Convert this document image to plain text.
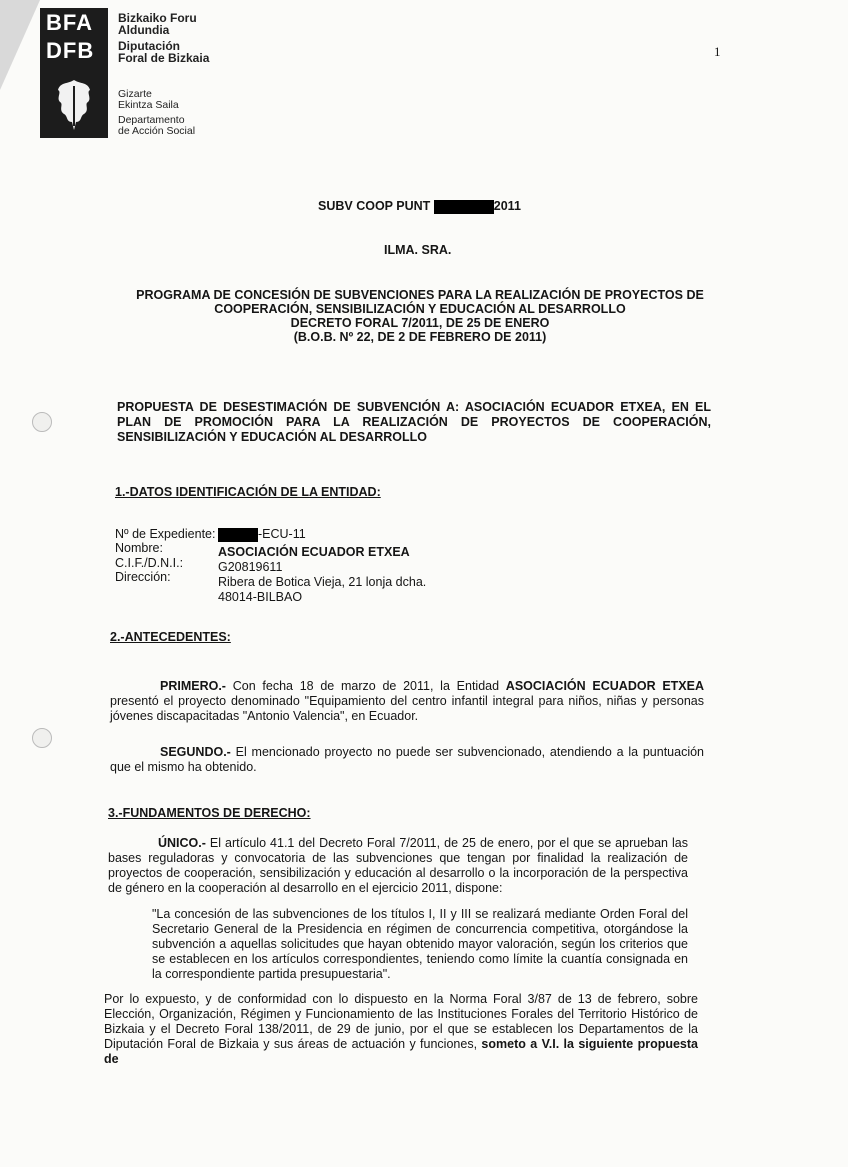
BFA
DFB
Bizkaiko Foru
Aldundia
Diputación
Foral de Bizkaia
Gizarte
Ekintza Saila
Departamento
de Acción Social
1
SUBV COOP PUNT	2011
ILMA. SRA.
PROGRAMA DE CONCESIÓN DE SUBVENCIONES PARA LA REALIZACIÓN DE PROYECTOS DE
COOPERACIÓN, SENSIBILIZACIÓN Y EDUCACIÓN AL DESARROLLO
DECRETO FORAL 7/2011, DE 25 DE ENERO
(B.O.B. Nº 22, DE 2 DE FEBRERO DE 2011)
PROPUESTA DE DESESTIMACIÓN DE SUBVENCIÓN A: ASOCIACIÓN ECUADOR ETXEA, EN EL PLAN DE PROMOCIÓN PARA LA REALIZACIÓN DE PROYECTOS DE COOPERACIÓN, SENSIBILIZACIÓN Y EDUCACIÓN AL DESARROLLO
1.-DATOS IDENTIFICACIÓN DE LA ENTIDAD:
Nº de Expediente:	-ECU-11
Nombre:	ASOCIACIÓN ECUADOR ETXEA
C.I.F./D.N.I.:	G20819611
Dirección:	Ribera de Botica Vieja, 21 lonja dcha.
48014-BILBAO
2.-ANTECEDENTES:
PRIMERO.- Con fecha 18 de marzo de 2011, la Entidad ASOCIACIÓN ECUADOR ETXEA presentó el proyecto denominado "Equipamiento del centro infantil integral para niños, niñas y personas jóvenes discapacitadas "Antonio Valencia", en Ecuador.
SEGUNDO.- El mencionado proyecto no puede ser subvencionado, atendiendo a la puntuación que el mismo ha obtenido.
3.-FUNDAMENTOS DE DERECHO:
ÚNICO.- El artículo 41.1 del Decreto Foral 7/2011, de 25 de enero, por el que se aprueban las bases reguladoras y convocatoria de las subvenciones que tengan por finalidad la realización de proyectos de cooperación, sensibilización y educación al desarrollo o la incorporación de la perspectiva de género en la cooperación al desarrollo en el ejercicio 2011, dispone:
"La concesión de las subvenciones de los títulos I, II y III se realizará mediante Orden Foral del Secretario General de la Presidencia en régimen de concurrencia competitiva, otorgándose la subvención a aquellas solicitudes que hayan obtenido mayor valoración, según los criterios que se establecen en los artículos correspondientes, teniendo como límite la cuantía consignada en la correspondiente partida presupuestaria".
Por lo expuesto, y de conformidad con lo dispuesto en la Norma Foral 3/87 de 13 de febrero, sobre Elección, Organización, Régimen y Funcionamiento de las Instituciones Forales del Territorio Histórico de Bizkaia y el Decreto Foral 138/2011, de 29 de junio, por el que se establecen los Departamentos de la Diputación Foral de Bizkaia y sus áreas de actuación y funciones, someto a V.I. la siguiente propuesta de
